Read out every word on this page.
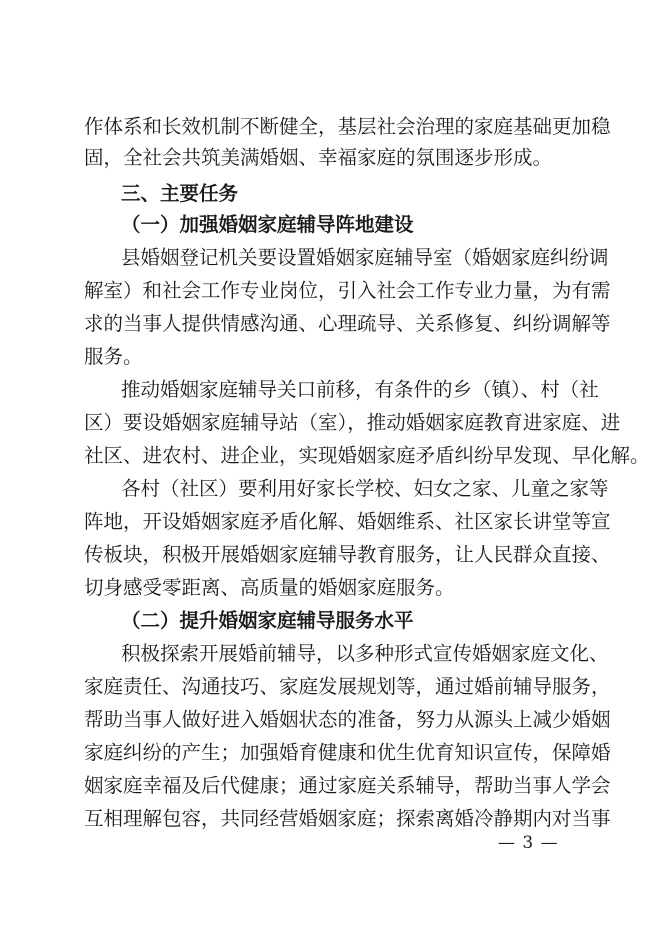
作体系和长效机制不断健全，基层社会治理的家庭基础更加稳
固，全社会共筑美满婚姻、幸福家庭的氛围逐步形成。
三、主要任务
（一）加强婚姻家庭辅导阵地建设
县婚姻登记机关要设置婚姻家庭辅导室（婚姻家庭纠纷调
解室）和社会工作专业岗位，引入社会工作专业力量，为有需
求的当事人提供情感沟通、心理疏导、关系修复、纠纷调解等
服务。
推动婚姻家庭辅导关口前移，有条件的乡（镇）、村（社
区）要设婚姻家庭辅导站（室），推动婚姻家庭教育进家庭、进
社区、进农村、进企业，实现婚姻家庭矛盾纠纷早发现、早化解。
各村（社区）要利用好家长学校、妇女之家、儿童之家等
阵地，开设婚姻家庭矛盾化解、婚姻维系、社区家长讲堂等宣
传板块，积极开展婚姻家庭辅导教育服务，让人民群众直接、
切身感受零距离、高质量的婚姻家庭服务。
（二）提升婚姻家庭辅导服务水平
积极探索开展婚前辅导，以多种形式宣传婚姻家庭文化、
家庭责任、沟通技巧、家庭发展规划等，通过婚前辅导服务，
帮助当事人做好进入婚姻状态的准备，努力从源头上减少婚姻
家庭纠纷的产生；加强婚育健康和优生优育知识宣传，保障婚
姻家庭幸福及后代健康；通过家庭关系辅导，帮助当事人学会
互相理解包容，共同经营婚姻家庭；探索离婚冷静期内对当事
— 3 —
